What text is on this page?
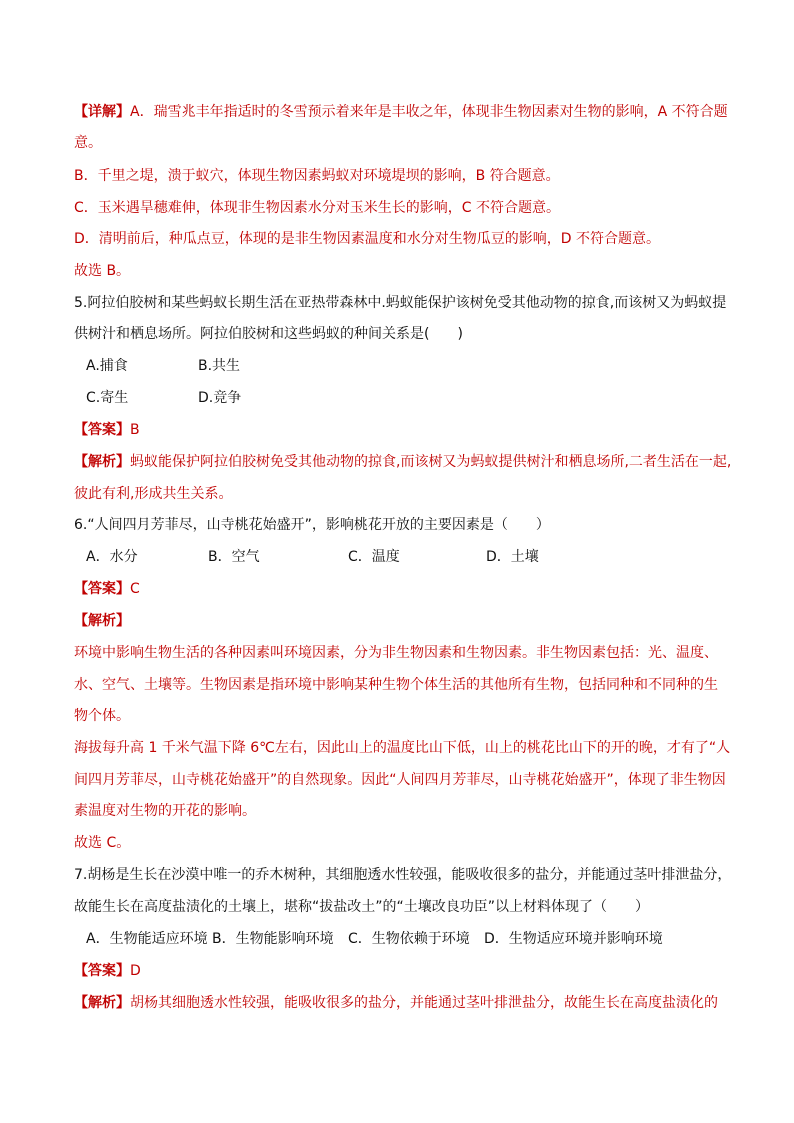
【详解】A．瑞雪兆丰年指适时的冬雪预示着来年是丰收之年，体现非生物因素对生物的影响，A 不符合题
意。
B．千里之堤，溃于蚁穴，体现生物因素蚂蚁对环境堤坝的影响，B 符合题意。
C．玉米遇旱穗难伸，体现非生物因素水分对玉米生长的影响，C 不符合题意。
D．清明前后，种瓜点豆，体现的是非生物因素温度和水分对生物瓜豆的影响，D 不符合题意。
故选 B。
5.阿拉伯胶树和某些蚂蚁长期生活在亚热带森林中.蚂蚁能保护该树免受其他动物的掠食,而该树又为蚂蚁提
供树汁和栖息场所。阿拉伯胶树和这些蚂蚁的种间关系是(　　)
A.捕食	B.共生
C.寄生	D.竞争
【答案】B
【解析】蚂蚁能保护阿拉伯胶树免受其他动物的掠食,而该树又为蚂蚁提供树汁和栖息场所,二者生活在一起,
彼此有利,形成共生关系。
6.“人间四月芳菲尽，山寺桃花始盛开”，影响桃花开放的主要因素是（　　）
A．水分	B．空气	C．温度	D．土壤
【答案】C
【解析】
环境中影响生物生活的各种因素叫环境因素，分为非生物因素和生物因素。非生物因素包括：光、温度、
水、空气、土壤等。生物因素是指环境中影响某种生物个体生活的其他所有生物，包括同种和不同种的生
物个体。
海拔每升高 1 千米气温下降 6℃左右，因此山上的温度比山下低，山上的桃花比山下的开的晚，才有了“人
间四月芳菲尽，山寺桃花始盛开”的自然现象。因此“人间四月芳菲尽，山寺桃花始盛开”，体现了非生物因
素温度对生物的开花的影响。
故选 C。
7.胡杨是生长在沙漠中唯一的乔木树种，其细胞透水性较强，能吸收很多的盐分，并能通过茎叶排泄盐分，
故能生长在高度盐渍化的土壤上，堪称“拔盐改土”的“土壤改良功臣”以上材料体现了（　　）
A．生物能适应环境 B．生物能影响环境 C．生物依赖于环境 D．生物适应环境并影响环境
【答案】D
【解析】胡杨其细胞透水性较强，能吸收很多的盐分，并能通过茎叶排泄盐分，故能生长在高度盐渍化的
